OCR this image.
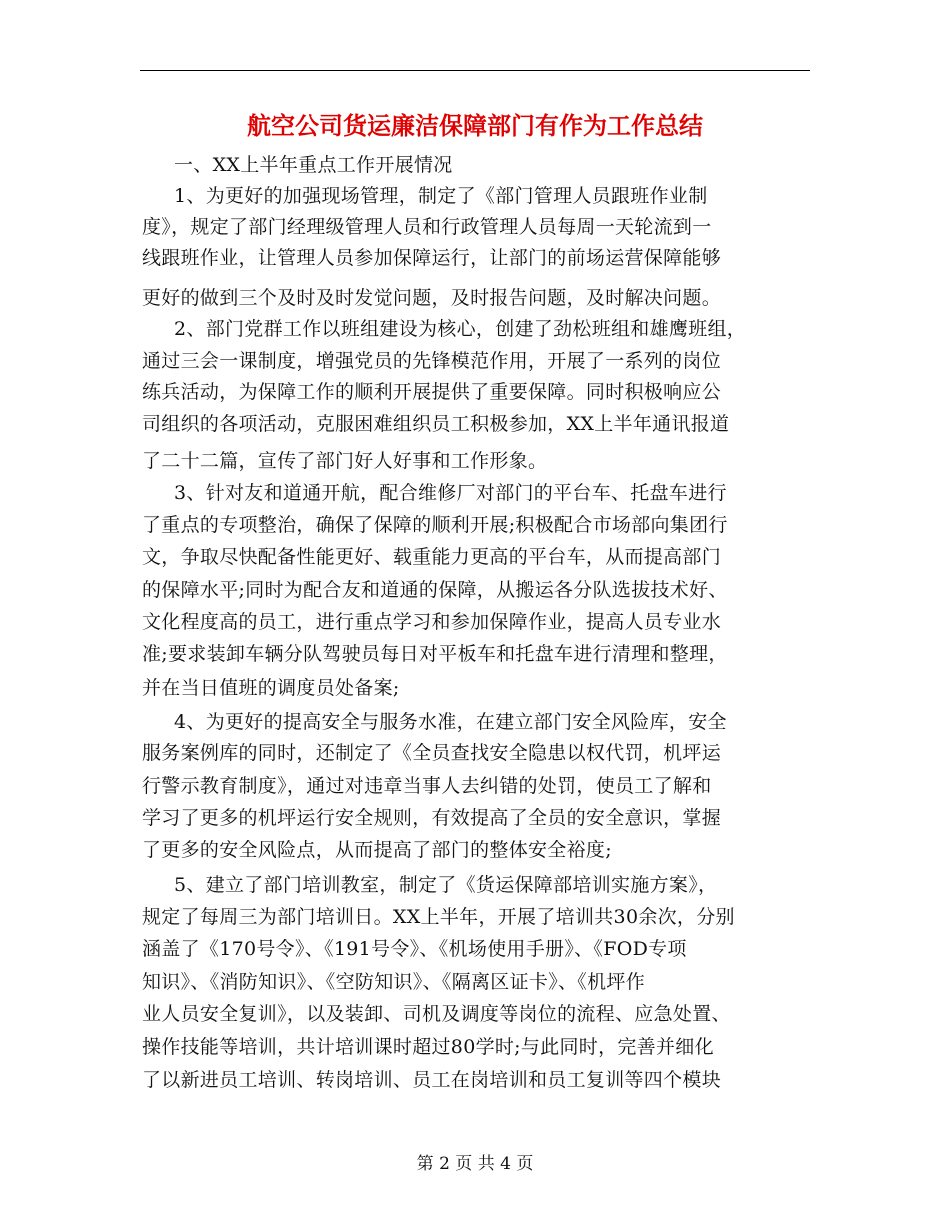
航空公司货运廉洁保障部门有作为工作总结
一、XX上半年重点工作开展情况
1、为更好的加强现场管理，制定了《部门管理人员跟班作业制
度》，规定了部门经理级管理人员和行政管理人员每周一天轮流到一
线跟班作业，让管理人员参加保障运行，让部门的前场运营保障能够
更好的做到三个及时及时发觉问题，及时报告问题，及时解决问题。
2、部门党群工作以班组建设为核心，创建了劲松班组和雄鹰班组，
通过三会一课制度，增强党员的先锋模范作用，开展了一系列的岗位
练兵活动，为保障工作的顺利开展提供了重要保障。同时积极响应公
司组织的各项活动，克服困难组织员工积极参加，XX上半年通讯报道
了二十二篇，宣传了部门好人好事和工作形象。
3、针对友和道通开航，配合维修厂对部门的平台车、托盘车进行
了重点的专项整治，确保了保障的顺利开展;积极配合市场部向集团行
文，争取尽快配备性能更好、载重能力更高的平台车，从而提高部门
的保障水平;同时为配合友和道通的保障，从搬运各分队选拔技术好、
文化程度高的员工，进行重点学习和参加保障作业，提高人员专业水
准;要求装卸车辆分队驾驶员每日对平板车和托盘车进行清理和整理，
并在当日值班的调度员处备案;
4、为更好的提高安全与服务水准，在建立部门安全风险库，安全
服务案例库的同时，还制定了《全员查找安全隐患以权代罚，机坪运
行警示教育制度》，通过对违章当事人去纠错的处罚，使员工了解和
学习了更多的机坪运行安全规则，有效提高了全员的安全意识，掌握
了更多的安全风险点，从而提高了部门的整体安全裕度;
5、建立了部门培训教室，制定了《货运保障部培训实施方案》，
规定了每周三为部门培训日。XX上半年，开展了培训共30余次，分别
涵盖了《170号令》、《191号令》、《机场使用手册》、《FOD专项
知识》、《消防知识》、《空防知识》、《隔离区证卡》、《机坪作
业人员安全复训》，以及装卸、司机及调度等岗位的流程、应急处置、
操作技能等培训，共计培训课时超过80学时;与此同时，完善并细化
了以新进员工培训、转岗培训、员工在岗培训和员工复训等四个模块
第 2 页 共 4 页
